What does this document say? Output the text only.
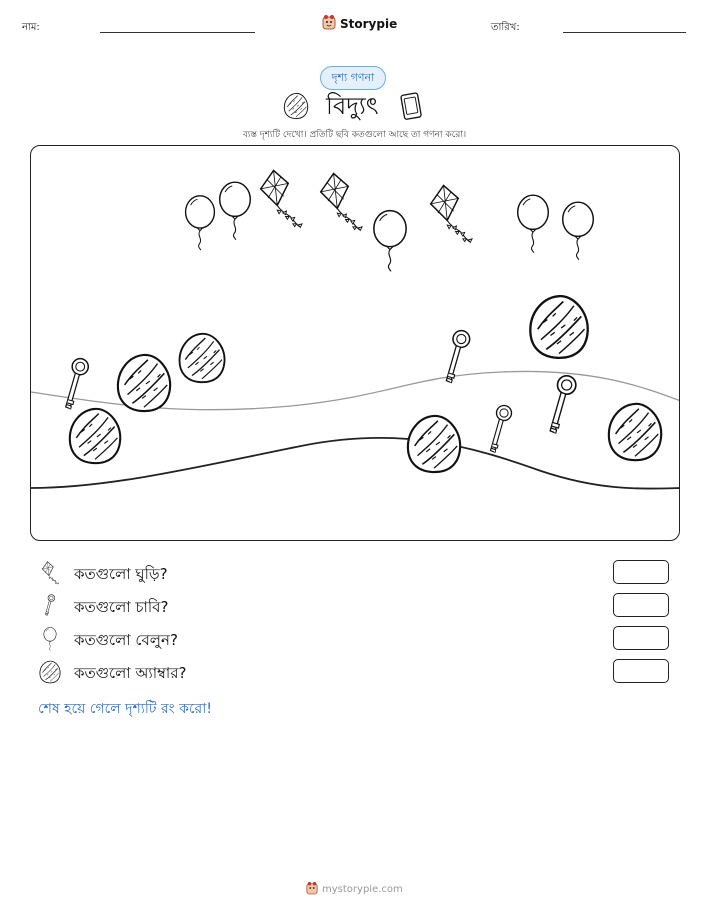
নাম:	Storypie	তারিখ:
দৃশ্য গণনা
বিদ্যুৎ
ব্যস্ত দৃশ্যটি দেখো। প্রতিটি ছবি কতগুলো আছে তা গণনা করো।
কতগুলো ঘুড়ি?
কতগুলো চাবি?
কতগুলো বেলুন?
কতগুলো অ্যাম্বার?
শেষ হয়ে গেলে দৃশ্যটি রং করো!
mystorypie.com
